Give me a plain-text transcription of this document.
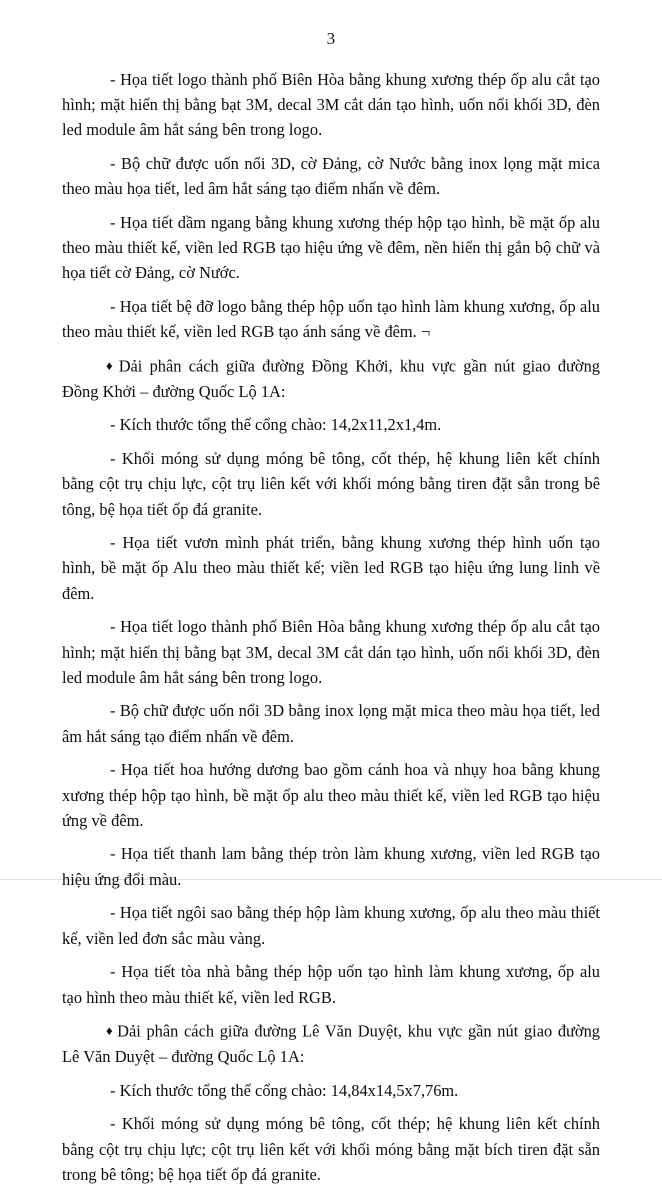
3

- Họa tiết logo thành phố Biên Hòa bằng khung xương thép ốp alu cắt tạo hình; mặt hiển thị bằng bạt 3M, decal 3M cắt dán tạo hình, uốn nổi khối 3D, đèn led module âm hắt sáng bên trong logo.

- Bộ chữ được uốn nổi 3D, cờ Đảng, cờ Nước bằng inox lọng mặt mica theo màu họa tiết, led âm hắt sáng tạo điểm nhấn về đêm.

- Họa tiết dầm ngang bằng khung xương thép hộp tạo hình, bề mặt ốp alu theo màu thiết kế, viền led RGB tạo hiệu ứng về đêm, nền hiển thị gắn bộ chữ và họa tiết cờ Đảng, cờ Nước.

- Họa tiết bệ đỡ logo bằng thép hộp uốn tạo hình làm khung xương, ốp alu theo màu thiết kế, viền led RGB tạo ánh sáng về đêm. ¬

♦ Dải phân cách giữa đường Đồng Khởi, khu vực gần nút giao đường Đồng Khởi – đường Quốc Lộ 1A:

- Kích thước tổng thể cổng chào: 14,2x11,2x1,4m.

- Khối móng sử dụng móng bê tông, cốt thép, hệ khung liên kết chính bằng cột trụ chịu lực, cột trụ liên kết với khối móng bằng tiren đặt sẵn trong bê tông, bệ họa tiết ốp đá granite.

- Họa tiết vươn mình phát triển, bằng khung xương thép hình uốn tạo hình, bề mặt ốp Alu theo màu thiết kế; viền led RGB tạo hiệu ứng lung linh về đêm.

- Họa tiết logo thành phố Biên Hòa bằng khung xương thép ốp alu cắt tạo hình; mặt hiển thị bằng bạt 3M, decal 3M cắt dán tạo hình, uốn nổi khối 3D, đèn led module âm hắt sáng bên trong logo.

- Bộ chữ được uốn nổi 3D bằng inox lọng mặt mica theo màu họa tiết, led âm hắt sáng tạo điểm nhấn về đêm.

- Họa tiết hoa hướng dương bao gồm cánh hoa và nhụy hoa bằng khung xương thép hộp tạo hình, bề mặt ốp alu theo màu thiết kế, viền led RGB tạo hiệu ứng về đêm.

- Họa tiết thanh lam bằng thép tròn làm khung xương, viền led RGB tạo hiệu ứng đổi màu.

- Họa tiết ngôi sao bằng thép hộp làm khung xương, ốp alu theo màu thiết kế, viền led đơn sắc màu vàng.

- Họa tiết tòa nhà bằng thép hộp uốn tạo hình làm khung xương, ốp alu tạo hình theo màu thiết kế, viền led RGB.

♦ Dải phân cách giữa đường Lê Văn Duyệt, khu vực gần nút giao đường Lê Văn Duyệt – đường Quốc Lộ 1A:

- Kích thước tổng thể cổng chào: 14,84x14,5x7,76m.

- Khối móng sử dụng móng bê tông, cốt thép; hệ khung liên kết chính bằng cột trụ chịu lực; cột trụ liên kết với khối móng bằng mặt bích tiren đặt sẵn trong bê tông; bệ họa tiết ốp đá granite.
